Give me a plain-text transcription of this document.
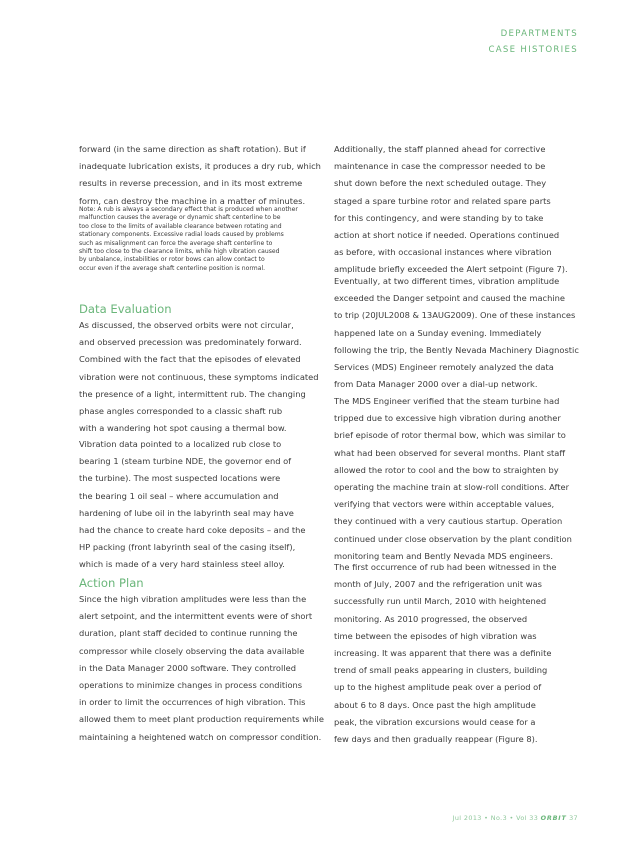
DEPARTMENTS
CASE HISTORIES
forward (in the same direction as shaft rotation). But if
inadequate lubrication exists, it produces a dry rub, which
results in reverse precession, and in its most extreme
form, can destroy the machine in a matter of minutes.
Note: A rub is always a secondary effect that is produced when another
malfunction causes the average or dynamic shaft centerline to be
too close to the limits of available clearance between rotating and
stationary components. Excessive radial loads caused by problems
such as misalignment can force the average shaft centerline to
shift too close to the clearance limits, while high vibration caused
by unbalance, instabilities or rotor bows can allow contact to
occur even if the average shaft centerline position is normal.
Data Evaluation
As discussed, the observed orbits were not circular,
and observed precession was predominately forward.
Combined with the fact that the episodes of elevated
vibration were not continuous, these symptoms indicated
the presence of a light, intermittent rub. The changing
phase angles corresponded to a classic shaft rub
with a wandering hot spot causing a thermal bow.
Vibration data pointed to a localized rub close to
bearing 1 (steam turbine NDE, the governor end of
the turbine). The most suspected locations were
the bearing 1 oil seal – where accumulation and
hardening of lube oil in the labyrinth seal may have
had the chance to create hard coke deposits – and the
HP packing (front labyrinth seal of the casing itself),
which is made of a very hard stainless steel alloy.
Action Plan
Since the high vibration amplitudes were less than the
alert setpoint, and the intermittent events were of short
duration, plant staff decided to continue running the
compressor while closely observing the data available
in the Data Manager 2000 software. They controlled
operations to minimize changes in process conditions
in order to limit the occurrences of high vibration. This
allowed them to meet plant production requirements while
maintaining a heightened watch on compressor condition.
Additionally, the staff planned ahead for corrective
maintenance in case the compressor needed to be
shut down before the next scheduled outage. They
staged a spare turbine rotor and related spare parts
for this contingency, and were standing by to take
action at short notice if needed. Operations continued
as before, with occasional instances where vibration
amplitude briefly exceeded the Alert setpoint (Figure 7).
Eventually, at two different times, vibration amplitude
exceeded the Danger setpoint and caused the machine
to trip (20JUL2008 & 13AUG2009). One of these instances
happened late on a Sunday evening. Immediately
following the trip, the Bently Nevada Machinery Diagnostic
Services (MDS) Engineer remotely analyzed the data
from Data Manager 2000 over a dial-up network.
The MDS Engineer verified that the steam turbine had
tripped due to excessive high vibration during another
brief episode of rotor thermal bow, which was similar to
what had been observed for several months. Plant staff
allowed the rotor to cool and the bow to straighten by
operating the machine train at slow-roll conditions. After
verifying that vectors were within acceptable values,
they continued with a very cautious startup. Operation
continued under close observation by the plant condition
monitoring team and Bently Nevada MDS engineers.
The first occurrence of rub had been witnessed in the
month of July, 2007 and the refrigeration unit was
successfully run until March, 2010 with heightened
monitoring. As 2010 progressed, the observed
time between the episodes of high vibration was
increasing. It was apparent that there was a definite
trend of small peaks appearing in clusters, building
up to the highest amplitude peak over a period of
about 6 to 8 days. Once past the high amplitude
peak, the vibration excursions would cease for a
few days and then gradually reappear (Figure 8).
Jul 2013 • No.3 • Vol 33 ORBIT 37
